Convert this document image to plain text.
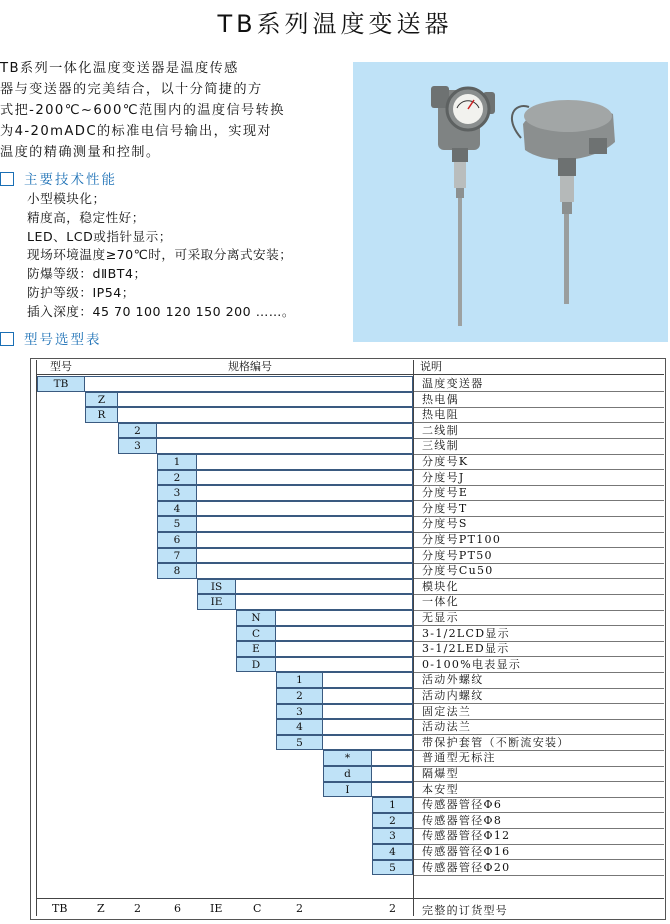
TB系列温度变送器
TB系列一体化温度变送器是温度传感
器与变送器的完美结合，以十分简捷的方
式把-200℃~600℃范围内的温度信号转换
为4-20mADC的标准电信号输出，实现对
温度的精确测量和控制。
主要技术性能
小型模块化；
精度高，稳定性好；
LED、LCD或指针显示；
现场环境温度≥70℃时，可采取分离式安装；
防爆等级：dⅡBT4；
防护等级：IP54；
插入深度：45 70 100 120 150 200 ……。
型号选型表
型号	规格编号	说明
TB	温度变送器
Z	热电偶
R	热电阻
2	二线制
3	三线制
1	分度号K
2	分度号J
3	分度号E
4	分度号T
5	分度号S
6	分度号PT100
7	分度号PT50
8	分度号Cu50
IS	模块化
IE	一体化
N	无显示
C	3-1/2LCD显示
E	3-1/2LED显示
D	0-100%电表显示
1	活动外螺纹
2	活动内螺纹
3	固定法兰
4	活动法兰
5	带保护套管（不断流安装）
*	普通型无标注
d	隔爆型
I	本安型
1	传感器管径Φ6
2	传感器管径Φ8
3	传感器管径Φ12
4	传感器管径Φ16
5	传感器管径Φ20
TB	Z	2	6	IE	C	2	2 完整的订货型号
